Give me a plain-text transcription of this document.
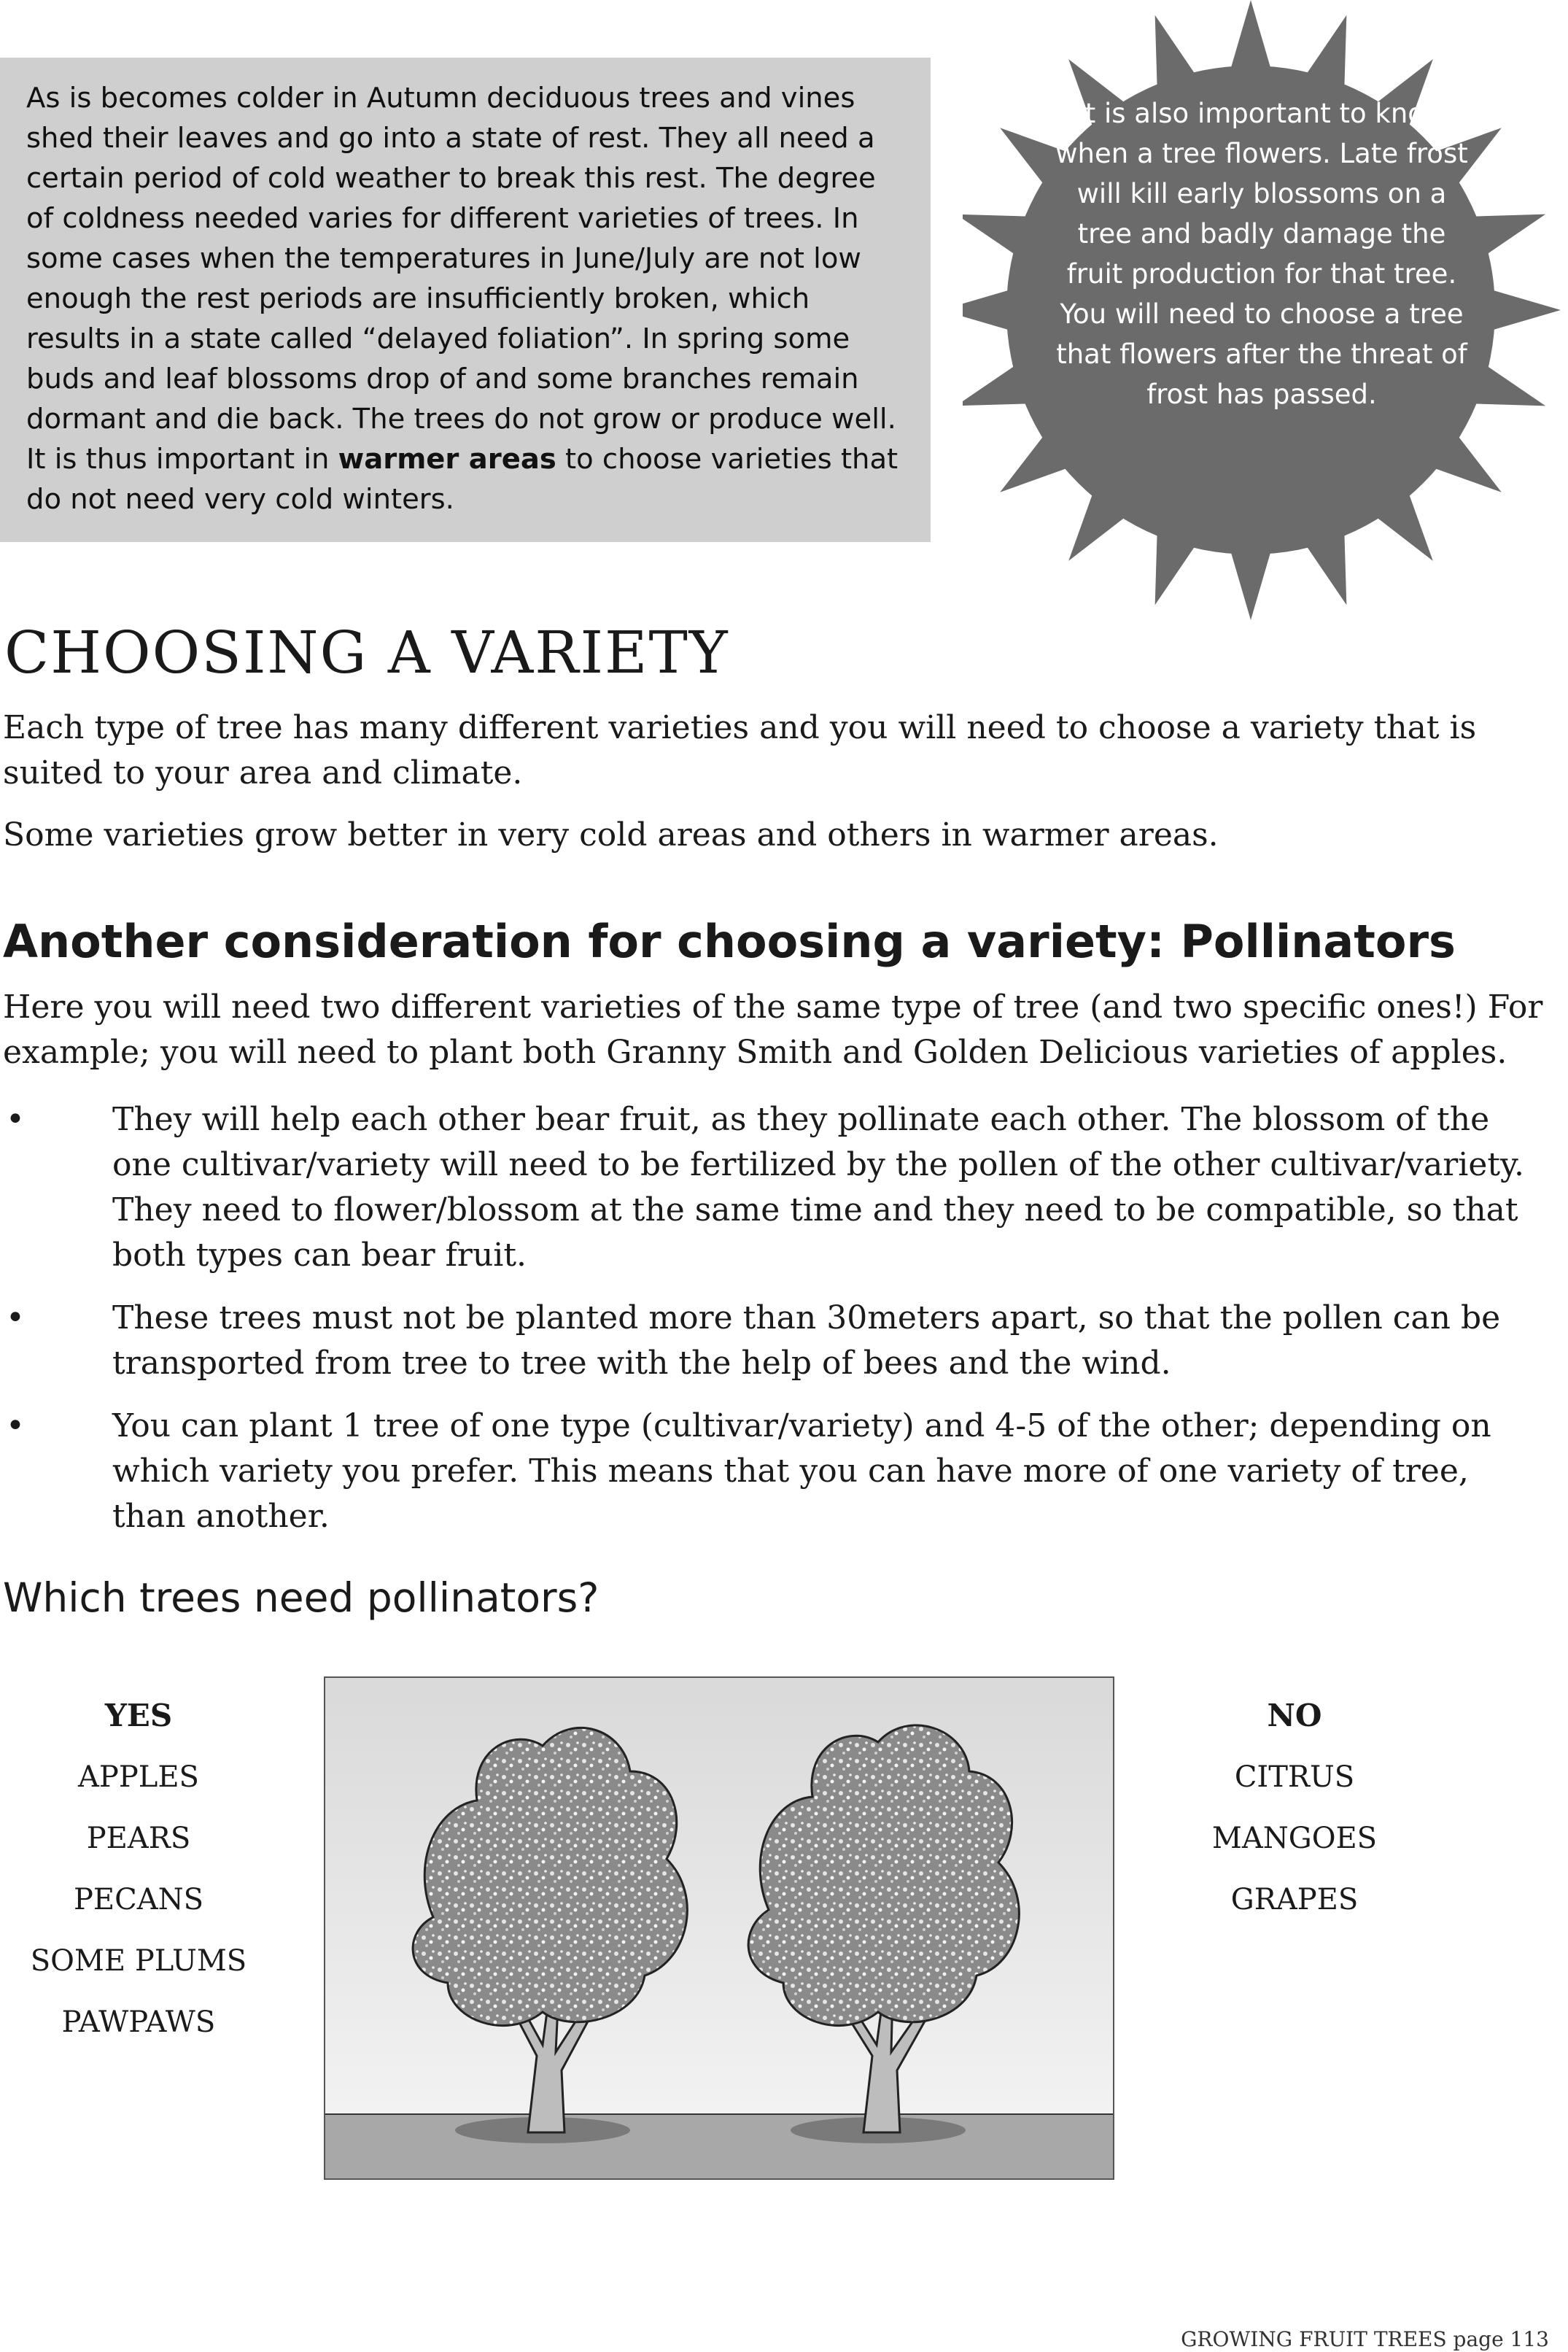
As is becomes colder in Autumn deciduous trees and vines shed their leaves and go into a state of rest. They all need a certain period of cold weather to break this rest. The degree of coldness needed varies for different varieties of trees. In some cases when the temperatures in June/July are not low enough the rest periods are insufficiently broken, which results in a state called “delayed foliation”. In spring some buds and leaf blossoms drop of and some branches remain dormant and die back. The trees do not grow or produce well. It is thus important in warmer areas to choose varieties that do not need very cold winters.
It is also important to know when a tree flowers. Late frost will kill early blossoms on a tree and badly damage the fruit production for that tree. You will need to choose a tree that flowers after the threat of frost has passed.
CHOOSING A VARIETY

Each type of tree has many different varieties and you will need to choose a variety that is suited to your area and climate.

Some varieties grow better in very cold areas and others in warmer areas.

Another consideration for choosing a variety: Pollinators

Here you will need two different varieties of the same type of tree (and two specific ones!) For example; you will need to plant both Granny Smith and Golden Delicious varieties of apples.

•	They will help each other bear fruit, as they pollinate each other. The blossom of the one cultivar/variety will need to be fertilized by the pollen of the other cultivar/variety. They need to flower/blossom at the same time and they need to be compatible, so that both types can bear fruit.

•	These trees must not be planted more than 30meters apart, so that the pollen can be transported from tree to tree with the help of bees and the wind.

•	You can plant 1 tree of one type (cultivar/variety) and 4-5 of the other; depending on which variety you prefer. This means that you can have more of one variety of tree, than another.

Which trees need pollinators?
YES
APPLES
PEARS
PECANS
SOME PLUMS
PAWPAWS
NO
CITRUS
MANGOES
GRAPES
GROWING FRUIT TREES page 113
